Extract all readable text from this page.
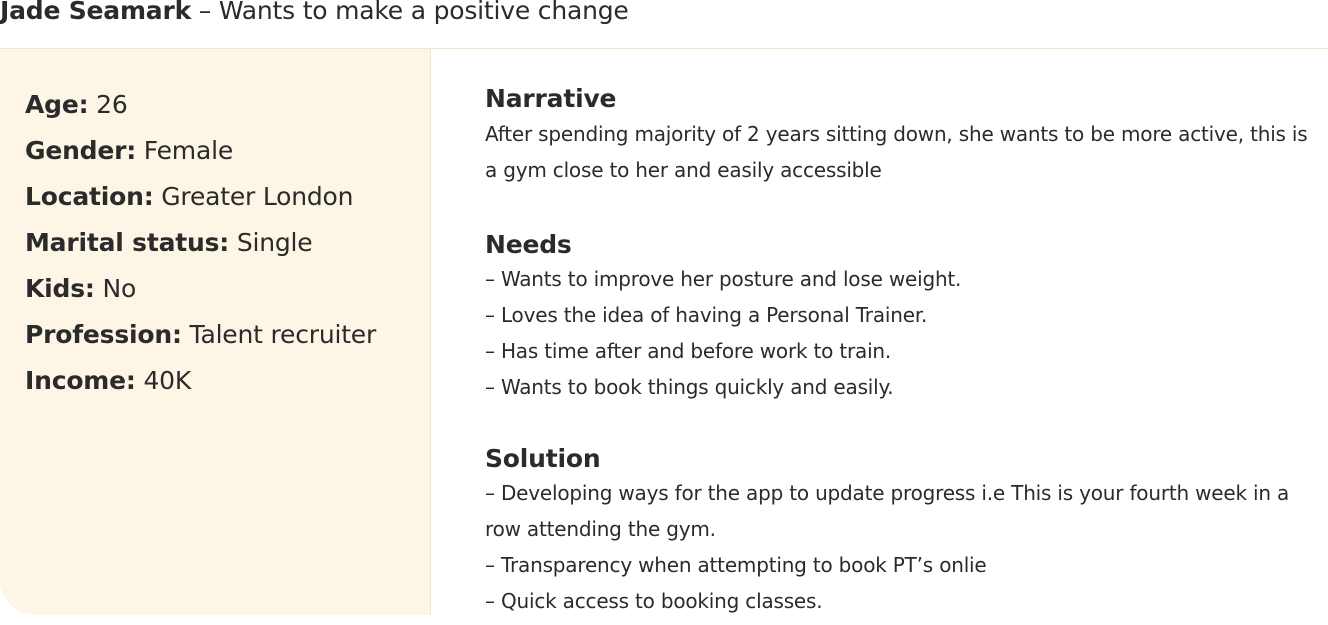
Jade Seamark – Wants to make a positive change
Age: 26
Gender: Female
Location: Greater London
Marital status: Single
Kids: No
Profession: Talent recruiter
Income: 40K
Narrative

After spending majority of 2 years sitting down, she wants to be more active, this is a gym close to her and easily accessible

Needs

– Wants to improve her posture and lose weight.

– Loves the idea of having a Personal Trainer.

– Has time after and before work to train.

– Wants to book things quickly and easily.

Solution

– Developing ways for the app to update progress i.e This is your fourth week in a row attending the gym.

– Transparency when attempting to book PT’s onlie

– Quick access to booking classes.
